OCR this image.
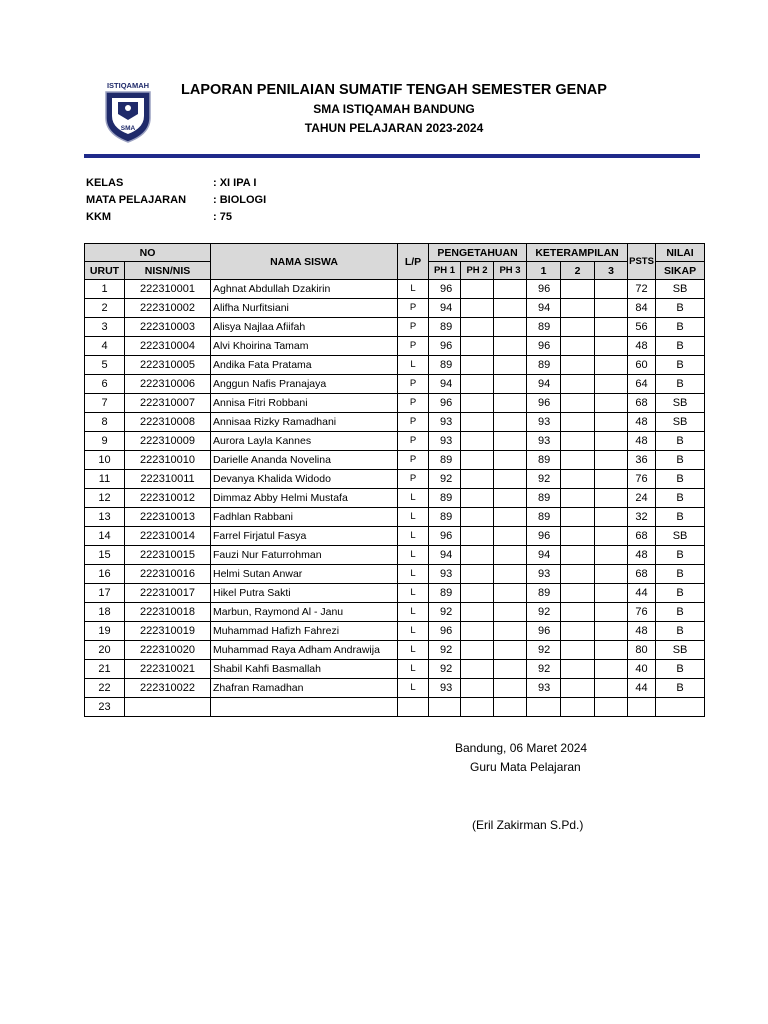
ISTIQAMAH
SMA
LAPORAN PENILAIAN SUMATIF TENGAH SEMESTER GENAP
SMA ISTIQAMAH BANDUNG
TAHUN PELAJARAN 2023-2024
KELAS	: XI IPA I
MATA PELAJARAN	: BIOLOGI
KKM	: 75
NO		NAMA SISWA	L/P	PENGETAHUAN			KETERAMPILAN			PSTS	NILAI
URUT	NISN/NIS			PH 1	PH 2	PH 3	1	2	3		SIKAP
1	222310001	Aghnat Abdullah Dzakirin	L	96			96			72	SB
2	222310002	Alifha Nurfitsiani	P	94			94			84	B
3	222310003	Alisya Najlaa Afiifah	P	89			89			56	B
4	222310004	Alvi Khoirina Tamam	P	96			96			48	B
5	222310005	Andika Fata Pratama	L	89			89			60	B
6	222310006	Anggun Nafis Pranajaya	P	94			94			64	B
7	222310007	Annisa Fitri Robbani	P	96			96			68	SB
8	222310008	Annisaa Rizky Ramadhani	P	93			93			48	SB
9	222310009	Aurora Layla Kannes	P	93			93			48	B
10	222310010	Darielle Ananda Novelina	P	89			89			36	B
11	222310011	Devanya Khalida Widodo	P	92			92			76	B
12	222310012	Dimmaz Abby Helmi Mustafa	L	89			89			24	B
13	222310013	Fadhlan Rabbani	L	89			89			32	B
14	222310014	Farrel Firjatul Fasya	L	96			96			68	SB
15	222310015	Fauzi Nur Faturrohman	L	94			94			48	B
16	222310016	Helmi Sutan Anwar	L	93			93			68	B
17	222310017	Hikel Putra Sakti	L	89			89			44	B
18	222310018	Marbun, Raymond Al - Janu	L	92			92			76	B
19	222310019	Muhammad Hafizh Fahrezi	L	96			96			48	B
20	222310020	Muhammad Raya Adham Andrawija	L	92			92			80	SB
21	222310021	Shabil Kahfi Basmallah	L	92			92			40	B
22	222310022	Zhafran Ramadhan	L	93			93			44	B
23											
Bandung, 06 Maret 2024
Guru Mata Pelajaran
(Eril Zakirman S.Pd.)
